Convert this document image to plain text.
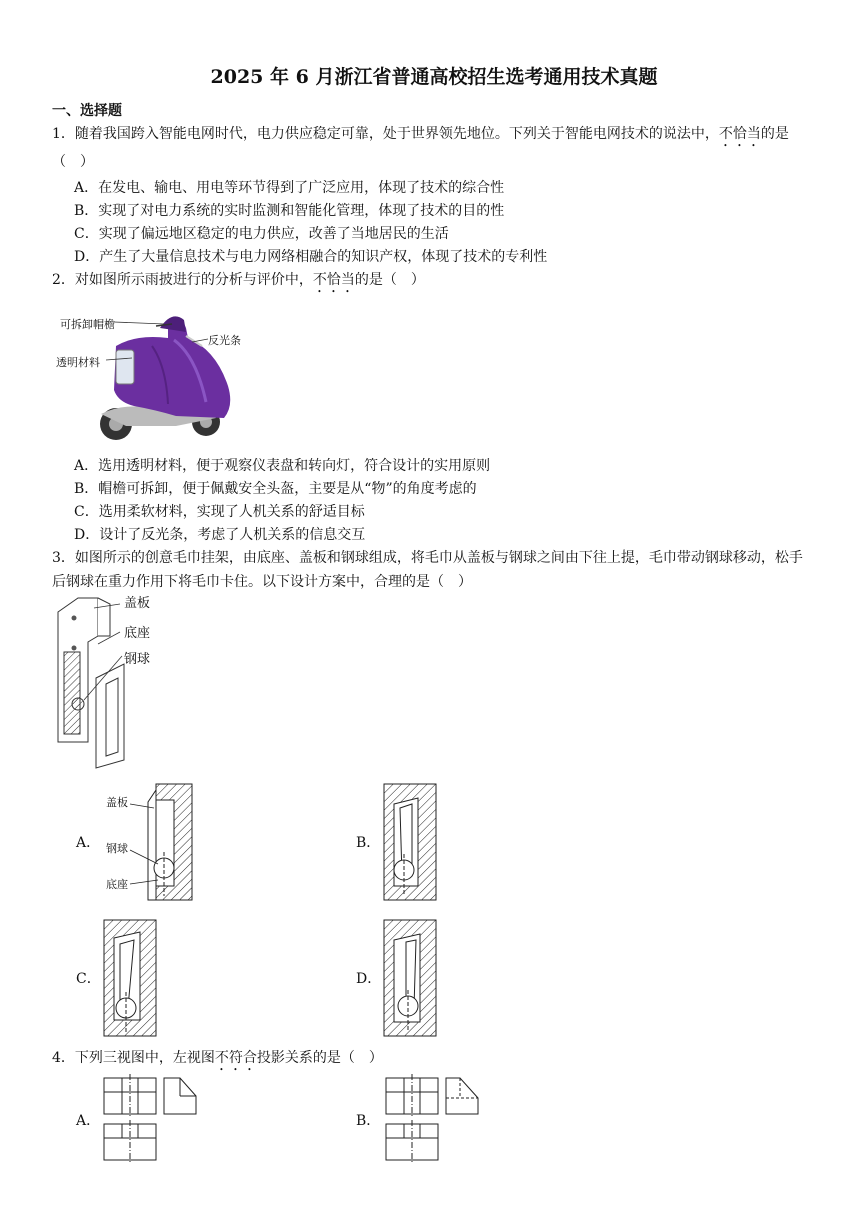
2025 年 6 月浙江省普通高校招生选考通用技术真题
一、选择题
1．随着我国跨入智能电网时代，电力供应稳定可靠，处于世界领先地位。下列关于智能电网技术的说法中，不恰当的是（　）
A．在发电、输电、用电等环节得到了广泛应用，体现了技术的综合性
B．实现了对电力系统的实时监测和智能化管理，体现了技术的目的性
C．实现了偏远地区稳定的电力供应，改善了当地居民的生活
D．产生了大量信息技术与电力网络相融合的知识产权，体现了技术的专利性
2．对如图所示雨披进行的分析与评价中，不恰当的是（　）
可拆卸帽檐
透明材料
反光条
A．选用透明材料，便于观察仪表盘和转向灯，符合设计的实用原则
B．帽檐可拆卸，便于佩戴安全头盔，主要是从“物”的角度考虑的
C．选用柔软材料，实现了人机关系的舒适目标
D．设计了反光条，考虑了人机关系的信息交互
3．如图所示的创意毛巾挂架，由底座、盖板和钢球组成，将毛巾从盖板与钢球之间由下往上提，毛巾带动钢球移动，松手后钢球在重力作用下将毛巾卡住。以下设计方案中，合理的是（　）
盖板
底座
钢球
A．
盖板
钢球
底座
B．
C．	D．
4．下列三视图中，左视图不符合投影关系的是（　）
A．	B．
